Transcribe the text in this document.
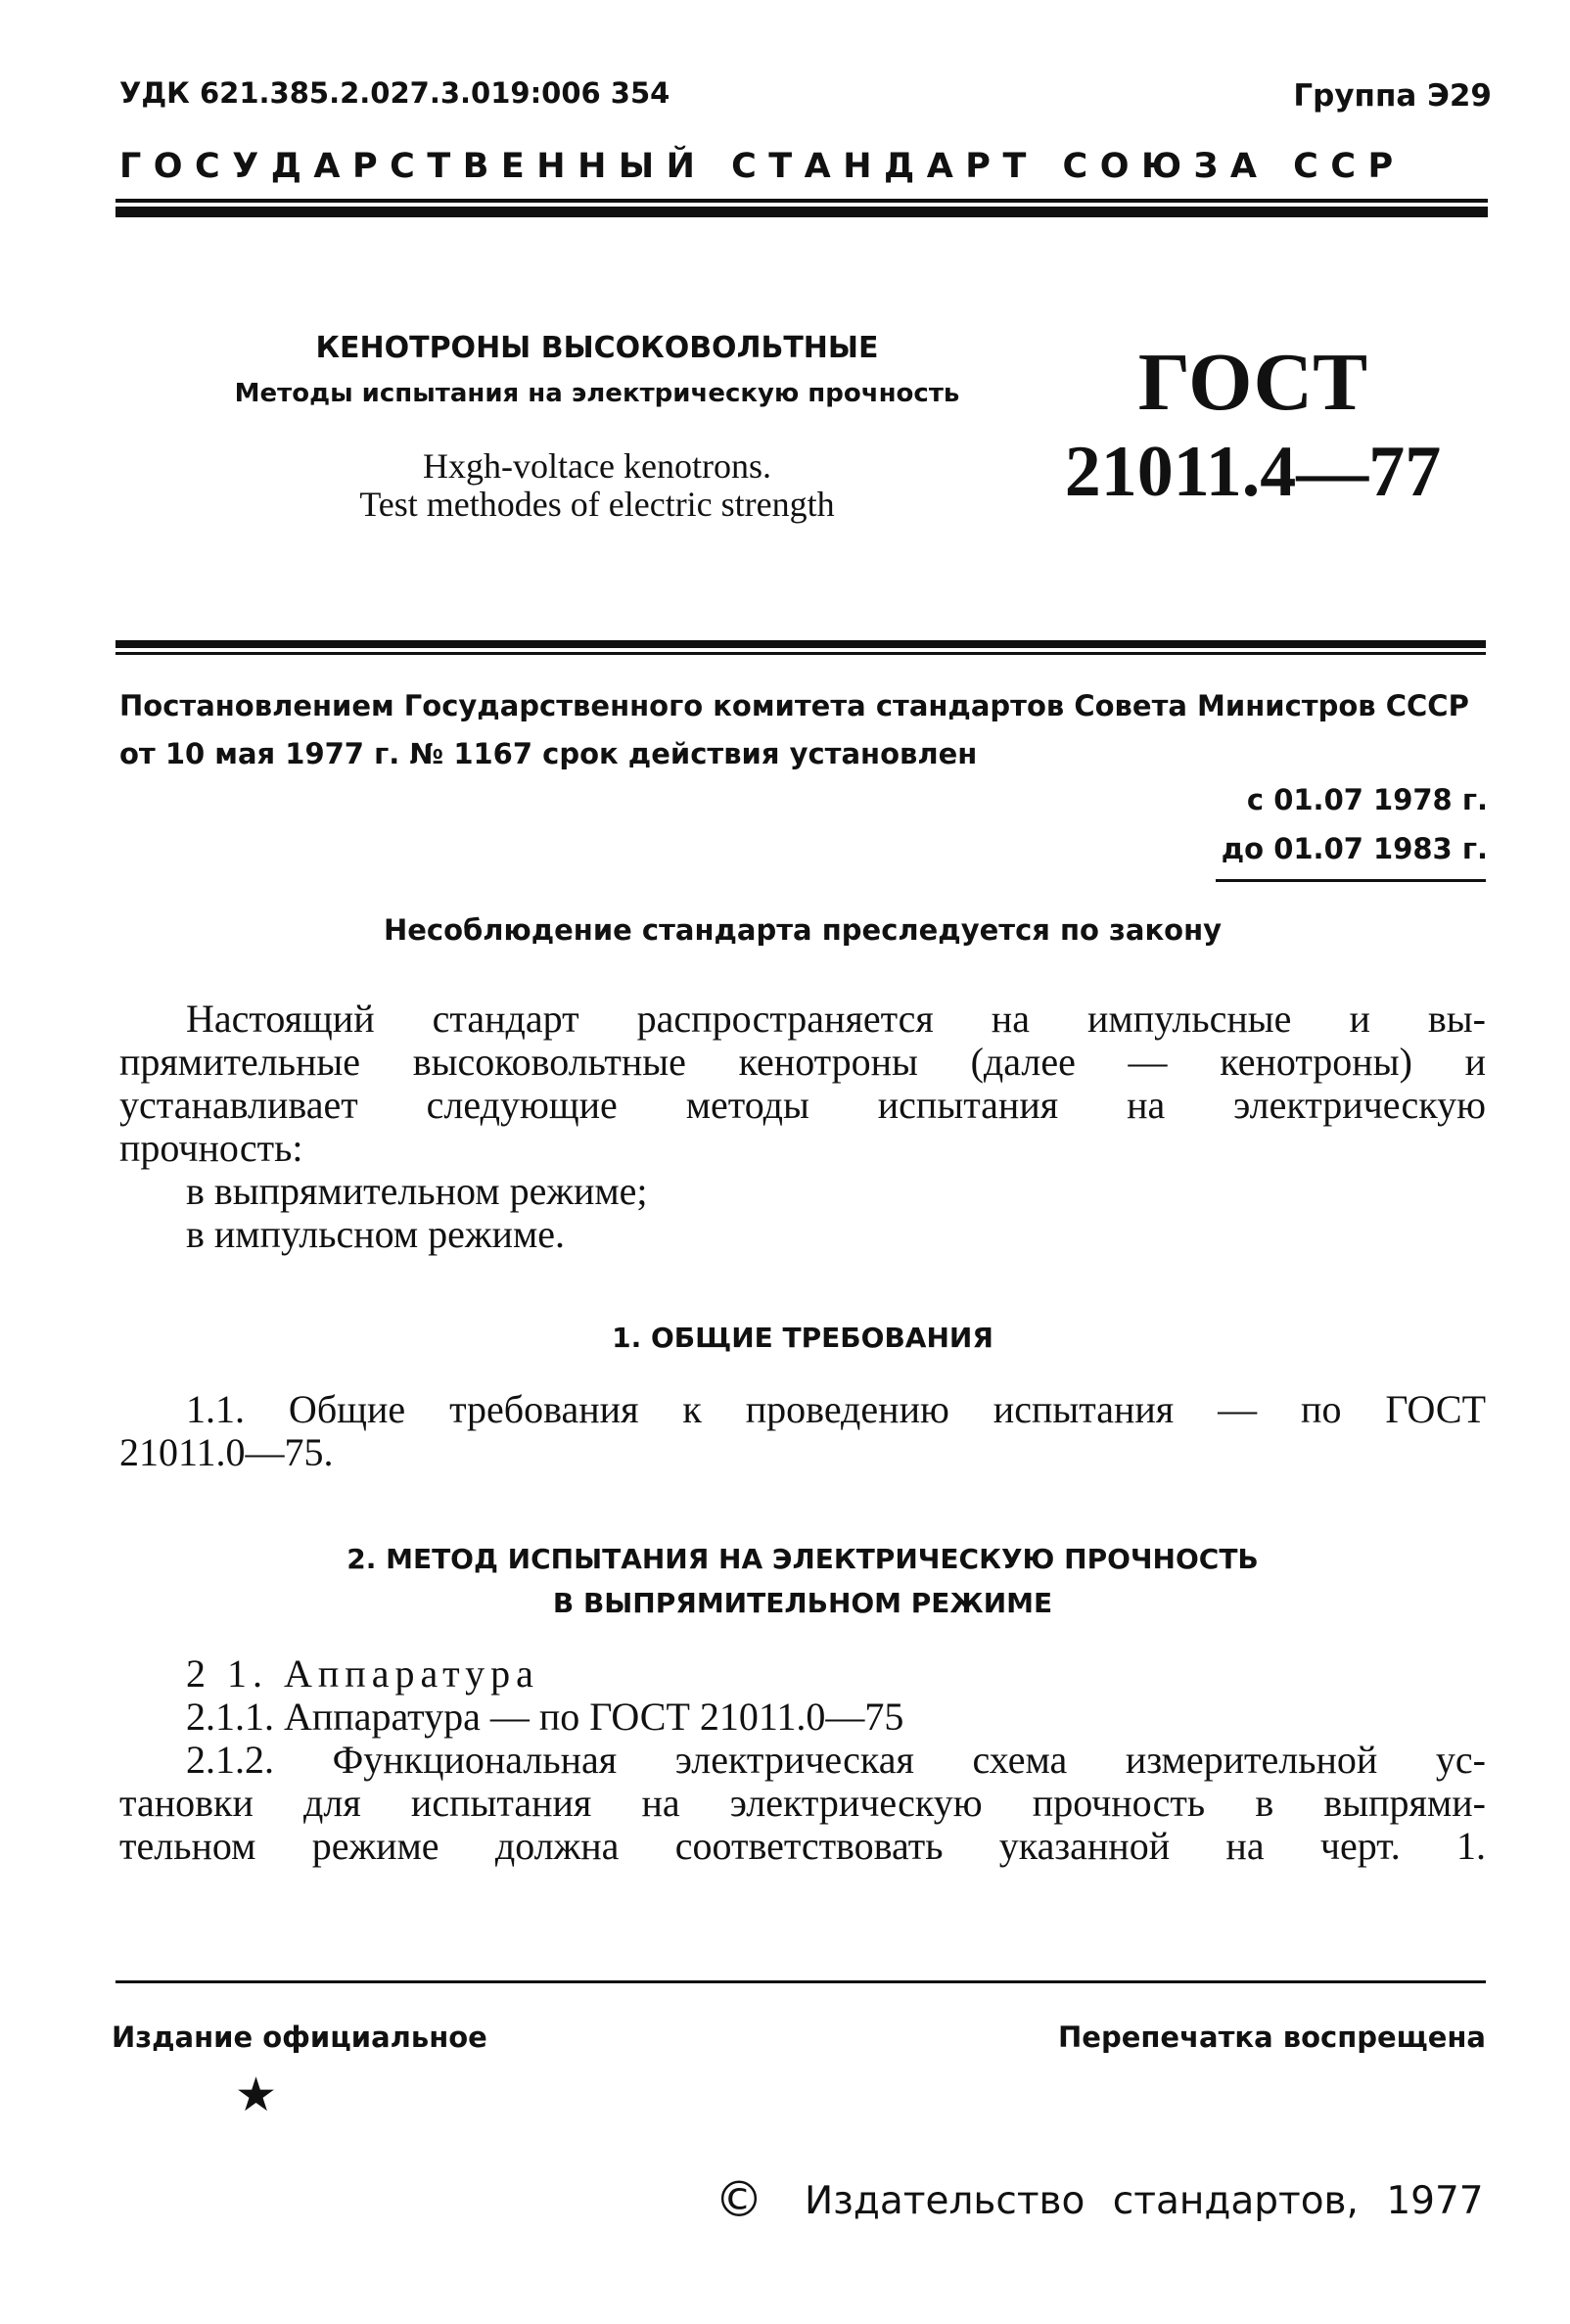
УДК 621.385.2.027.3.019:006 354	Группа Э29
ГОСУДАРСТВЕННЫЙ СТАНДАРТ СОЮЗА ССР
КЕНОТРОНЫ ВЫСОКОВОЛЬТНЫЕ
Методы испытания на электрическую прочность
Hxgh-voltace kenotrons.
Test methodes of electric strength
ГОСТ
21011.4—77
Постановлением Государственного комитета стандартов Совета Министров СССР
от 10 мая 1977 г. № 1167 срок действия установлен
с 01.07 1978 г.
до 01.07 1983 г.
Несоблюдение стандарта преследуется по закону
Настоящий стандарт распространяется на импульсные и вы-
прямительные высоковольтные кенотроны (далее — кенотроны) и
устанавливает следующие методы испытания на электрическую
прочность:
в выпрямительном режиме;
в импульсном режиме.
1. ОБЩИЕ ТРЕБОВАНИЯ
1.1. Общие требования к проведению испытания — по ГОСТ
21011.0—75.
2. МЕТОД ИСПЫТАНИЯ НА ЭЛЕКТРИЧЕСКУЮ ПРОЧНОСТЬ
В ВЫПРЯМИТЕЛЬНОМ РЕЖИМЕ
2 1. Аппаратура
2.1.1. Аппаратура — по ГОСТ 21011.0—75
2.1.2. Функциональная электрическая схема измерительной ус-
тановки для испытания на электрическую прочность в выпрями-
тельном режиме должна соответствовать указанной на черт. 1.
Издание официальное	Перепечатка воспрещена
★
© Издательство стандартов, 1977
